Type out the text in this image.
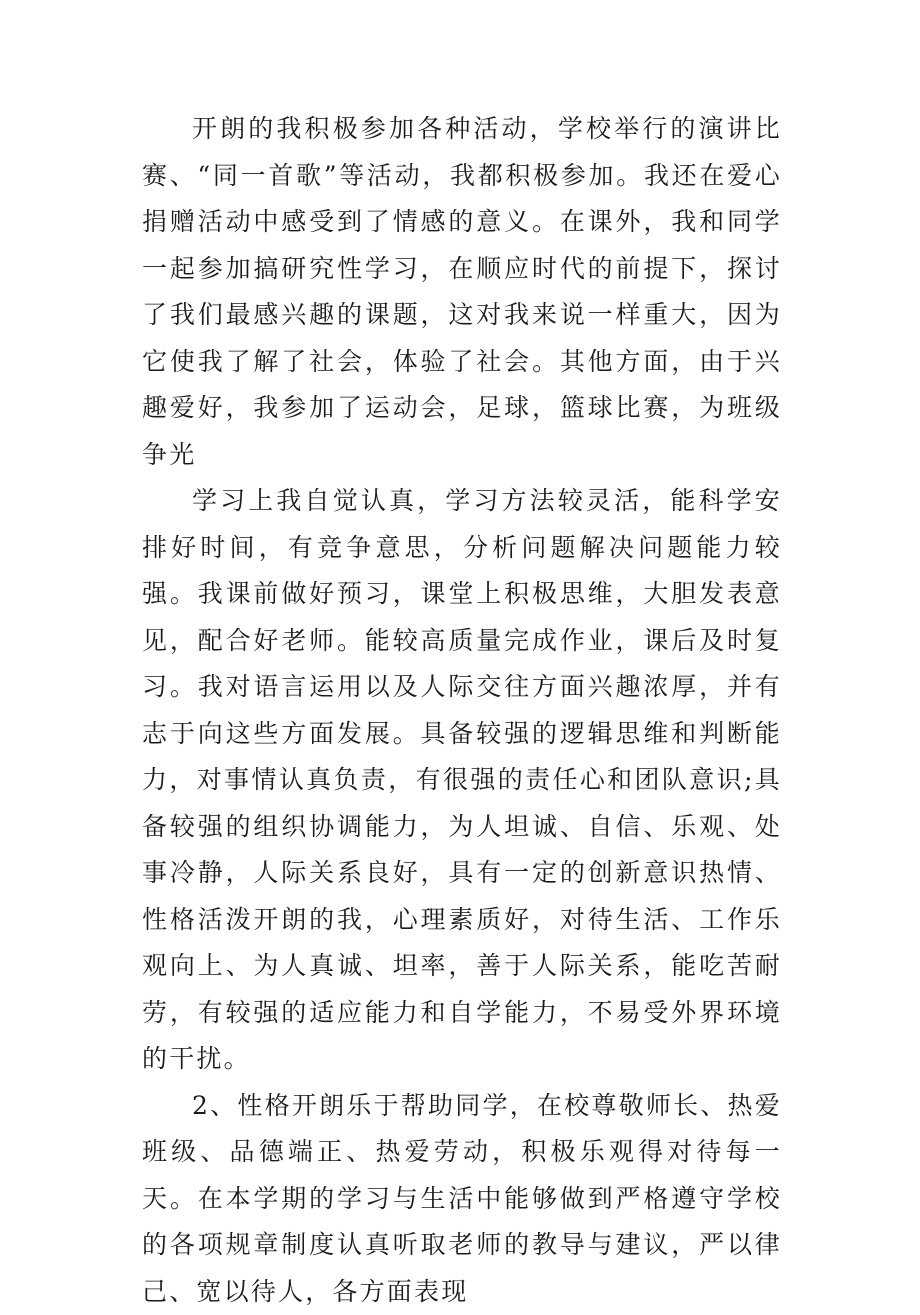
开朗的我积极参加各种活动，学校举行的演讲比赛、“同一首歌”等活动，我都积极参加。我还在爱心捐赠活动中感受到了情感的意义。在课外，我和同学一起参加搞研究性学习，在顺应时代的前提下，探讨了我们最感兴趣的课题，这对我来说一样重大，因为它使我了解了社会，体验了社会。其他方面，由于兴趣爱好，我参加了运动会，足球，篮球比赛，为班级争光

学习上我自觉认真，学习方法较灵活，能科学安排好时间，有竞争意思，分析问题解决问题能力较强。我课前做好预习，课堂上积极思维，大胆发表意见，配合好老师。能较高质量完成作业，课后及时复习。我对语言运用以及人际交往方面兴趣浓厚，并有志于向这些方面发展。具备较强的逻辑思维和判断能力，对事情认真负责，有很强的责任心和团队意识;具备较强的组织协调能力，为人坦诚、自信、乐观、处事冷静，人际关系良好，具有一定的创新意识热情、性格活泼开朗的我，心理素质好，对待生活、工作乐观向上、为人真诚、坦率，善于人际关系，能吃苦耐劳，有较强的适应能力和自学能力，不易受外界环境的干扰。

2、性格开朗乐于帮助同学，在校尊敬师长、热爱班级、品德端正、热爱劳动，积极乐观得对待每一天。在本学期的学习与生活中能够做到严格遵守学校的各项规章制度认真听取老师的教导与建议，严以律己、宽以待人，各方面表现
